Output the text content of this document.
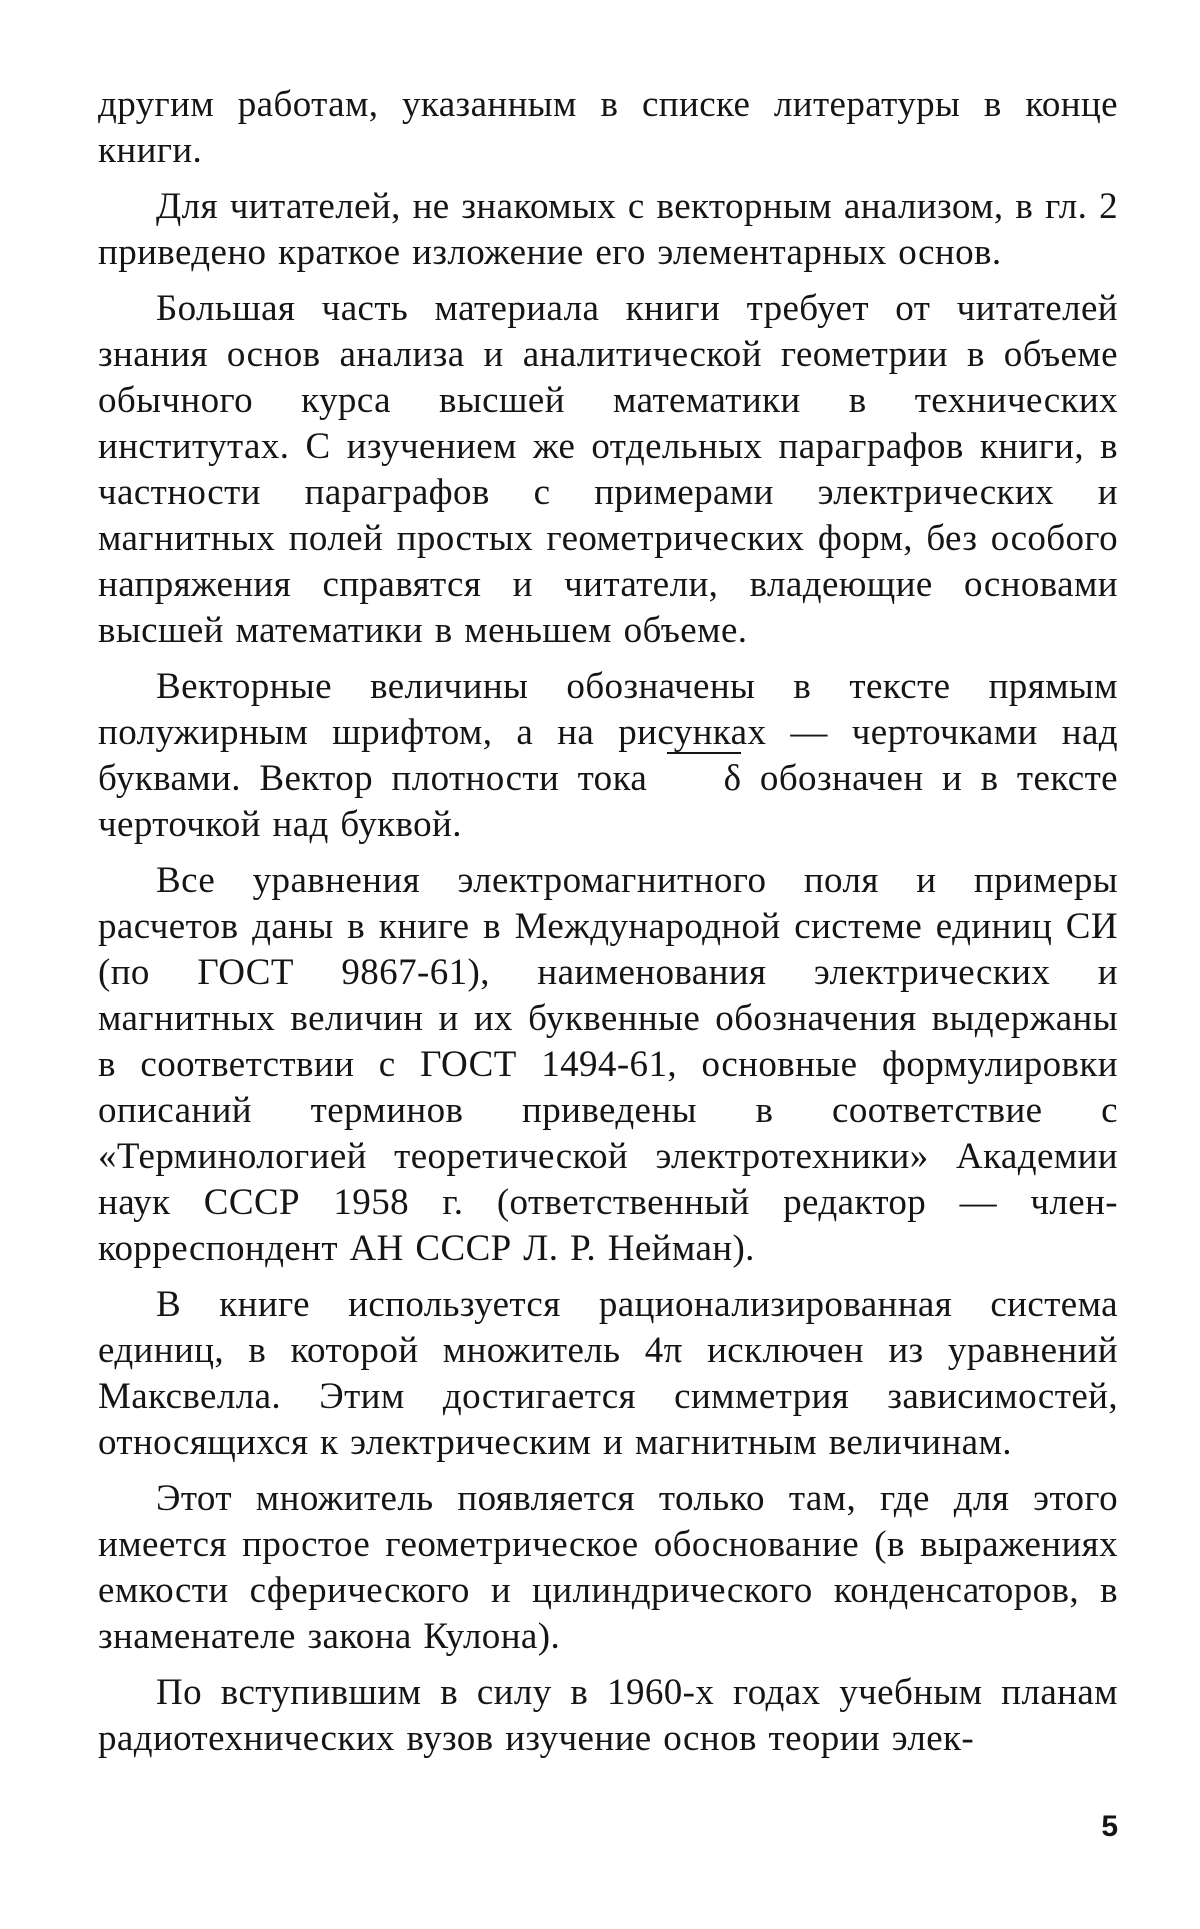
другим работам, указанным в списке литературы в конце книги.

Для читателей, не знакомых с векторным анализом, в гл. 2 приведено краткое изложение его элементарных основ.

Большая часть материала книги требует от читателей знания основ анализа и аналитической геометрии в объеме обычного курса высшей математики в технических институтах. С изучением же отдельных параграфов книги, в частности параграфов с примерами электрических и магнитных полей простых геометрических форм, без особого напряжения справятся и читатели, владеющие основами высшей математики в меньшем объеме.

Векторные величины обозначены в тексте прямым полужирным шрифтом, а на рисунках — черточками над буквами. Вектор плотности тока δ обозначен и в тексте черточкой над буквой.

Все уравнения электромагнитного поля и примеры расчетов даны в книге в Международной системе единиц СИ (по ГОСТ 9867-61), наименования электрических и магнитных величин и их буквенные обозначения выдержаны в соответствии с ГОСТ 1494-61, основные формулировки описаний терминов приведены в соответствие с «Терминологией теоретической электротехники» Академии наук СССР 1958 г. (ответственный редактор — член-корреспондент АН СССР Л. Р. Нейман).

В книге используется рационализированная система единиц, в которой множитель 4π исключен из уравнений Максвелла. Этим достигается симметрия зависимостей, относящихся к электрическим и магнитным величинам.

Этот множитель появляется только там, где для этого имеется простое геометрическое обоснование (в выражениях емкости сферического и цилиндрического конденсаторов, в знаменателе закона Кулона).

По вступившим в силу в 1960-х годах учебным планам радиотехнических вузов изучение основ теории элек-

5
